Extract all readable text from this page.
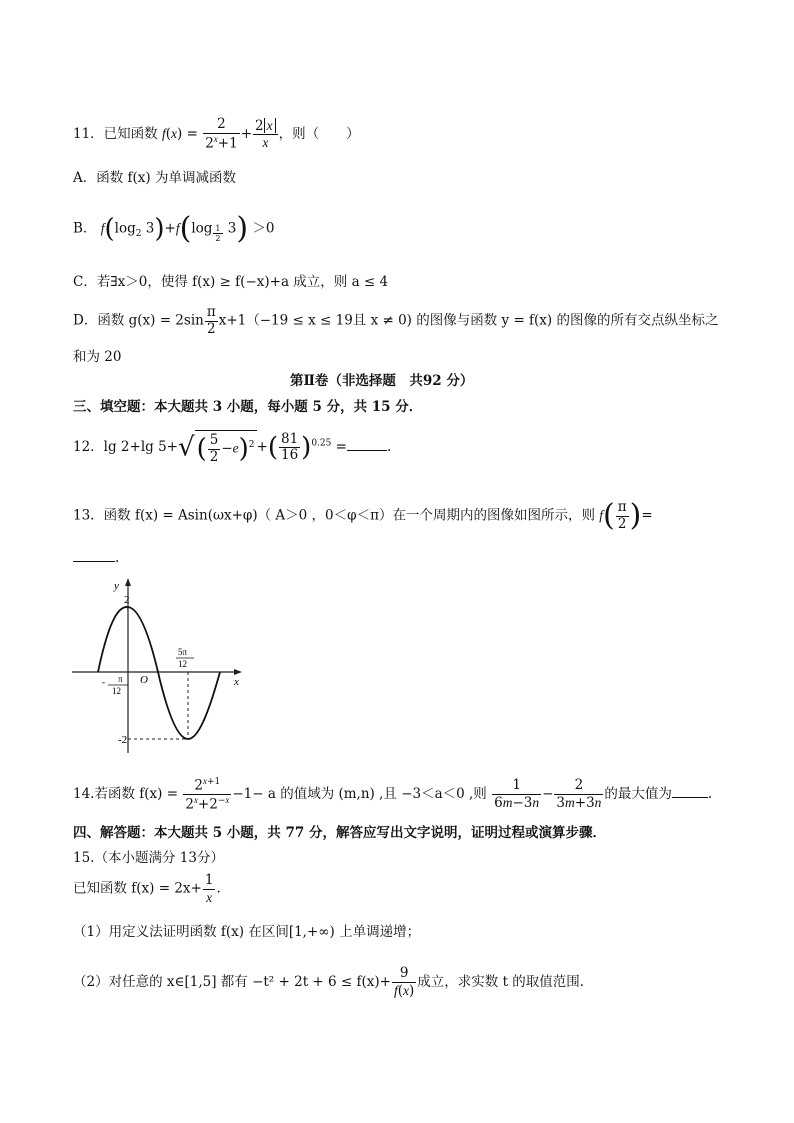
11．已知函数 $f(x) = \frac{2}{2^x+1} + \frac{2 x}{x}$ ，则（　　）
A．函数 f(x) 为单调减函数
B． $f(\log_2$ 3)+f(log $_{\frac{1}{2}}$ 3) ＞0
C．若∃x＞0，使得 f(x) ≥ f(−x)+a 成立，则 a ≤ 4
D．函数 $g(x) = 2\sin \frac{\pi}{2} x+1(-19 \le x \le 19$且 x ≠ 0) 的图像与函数 y = f(x) 的图像的所有交点纵坐标之
和为 20
第Ⅱ卷（非选择题　共92 分）
三、填空题：本大题共 3 小题，每小题 5 分，共 15 分．
12．lg 2+lg $5+√( \frac{5}{2} -e)^2$ +( $\frac{81}{16} )^{0.25}$ =	.
13．函数 f(x) = Asin(ωx+φ)（ A＞0 ，0＜φ＜π）在一个周期内的图像如图所示，则 $f( \frac{\pi}{2}$ )=
.
y
x
O
2
-2
π
-
12
5π
12
14.若函数 $f(x) = \frac{2^{x+1}}{2^x+2^{-x}} -1- a$ 的值域为 (m,n) ,且 −3＜a＜0 ,则 $\frac{1}{6m-3n} - \frac{2}{3m+3n}$ 的最大值为	.
四、解答题：本大题共 5 小题，共 77 分，解答应写出文字说明，证明过程或演算步骤．
15.（本小题满分 13分）
已知函数 $f(x) = 2x+ \frac{1}{x}$ .
（1）用定义法证明函数 f(x) 在区间[1,+∞) 上单调递增；
（2）对任意的 x∈[1,5] 都有 $-t^2 + 2t + 6 \le f(x)+ \frac{9}{f(x)}$ 成立，求实数 t 的取值范围.
